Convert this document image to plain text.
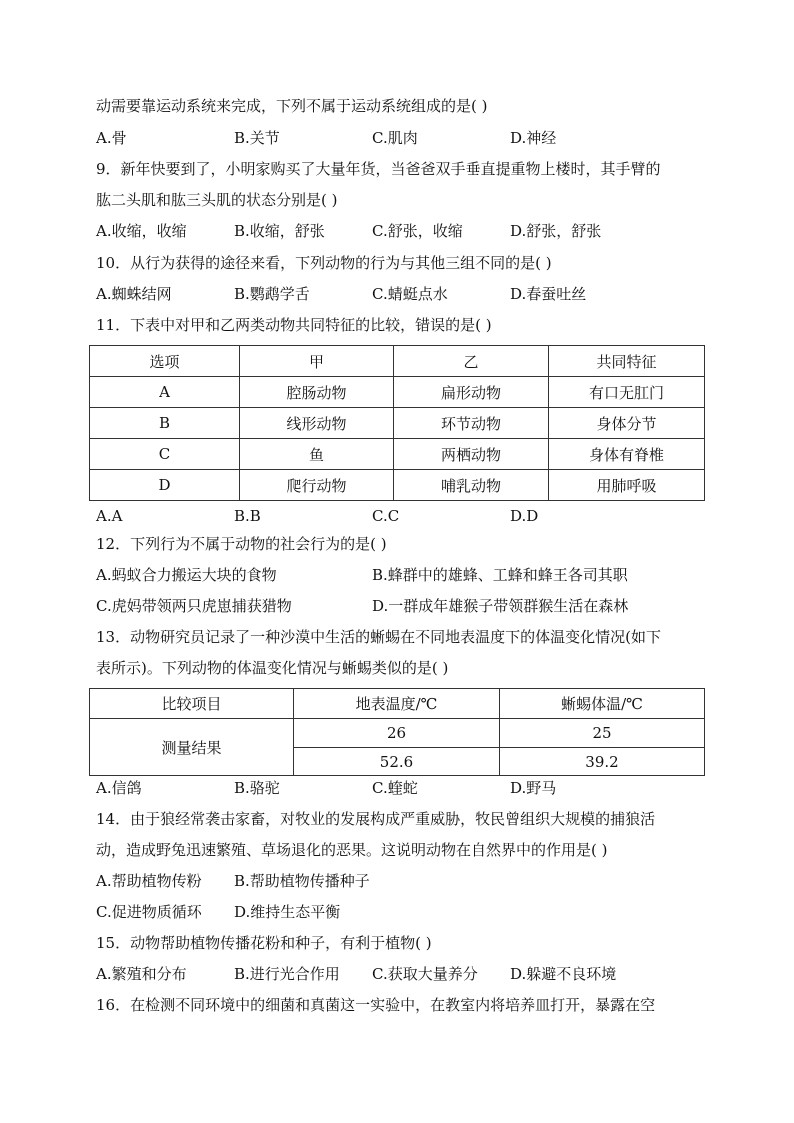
动需要靠运动系统来完成，下列不属于运动系统组成的是( )
A.骨	B.关节	C.肌肉	D.神经
9．新年快要到了，小明家购买了大量年货，当爸爸双手垂直提重物上楼时，其手臂的
肱二头肌和肱三头肌的状态分别是( )
A.收缩，收缩	B.收缩，舒张	C.舒张，收缩	D.舒张，舒张
10．从行为获得的途径来看，下列动物的行为与其他三组不同的是( )
A.蜘蛛结网	B.鹦鹉学舌	C.蜻蜓点水	D.春蚕吐丝
11．下表中对甲和乙两类动物共同特征的比较，错误的是( )
选项	甲	乙	共同特征
A	腔肠动物	扁形动物	有口无肛门
B	线形动物	环节动物	身体分节
C	鱼	两栖动物	身体有脊椎
D	爬行动物	哺乳动物	用肺呼吸
A.A	B.B	C.C	D.D
12．下列行为不属于动物的社会行为的是( )
A.蚂蚁合力搬运大块的食物	B.蜂群中的雄蜂、工蜂和蜂王各司其职
C.虎妈带领两只虎崽捕获猎物	D.一群成年雄猴子带领群猴生活在森林
13．动物研究员记录了一种沙漠中生活的蜥蜴在不同地表温度下的体温变化情况(如下
表所示)。下列动物的体温变化情况与蜥蜴类似的是( )
比较项目	地表温度/℃	蜥蜴体温/℃
测量结果	26	25
	52.6	39.2
A.信鸽	B.骆驼	C.蝰蛇	D.野马
14．由于狼经常袭击家畜，对牧业的发展构成严重威胁，牧民曾组织大规模的捕狼活
动，造成野兔迅速繁殖、草场退化的恶果。这说明动物在自然界中的作用是( )
A.帮助植物传粉 B.帮助植物传播种子
C.促进物质循环 D.维持生态平衡
15．动物帮助植物传播花粉和种子，有利于植物( )
A.繁殖和分布	B.进行光合作用 C.获取大量养分 D.躲避不良环境
16．在检测不同环境中的细菌和真菌这一实验中，在教室内将培养皿打开，暴露在空
